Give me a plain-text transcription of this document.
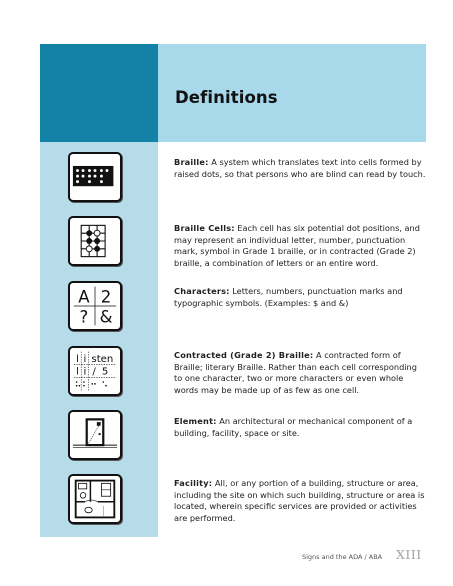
Definitions
A 2
? &
l i sten
l i / 5
Braille: A system which translates text into cells formed by raised dots, so that persons who are blind can read by touch.
Braille Cells: Each cell has six potential dot positions, and may represent an individual letter, number, punctuation mark, symbol in Grade 1 braille, or in contracted (Grade 2) braille, a combination of letters or an entire word.
Characters: Letters, numbers, punctuation marks and typographic symbols. (Examples: $ and &)
Contracted (Grade 2) Braille: A contracted form of Braille; literary Braille. Rather than each cell corresponding to one character, two or more characters or even whole words may be made up of as few as one cell.
Element: An architectural or mechanical component of a building, facility, space or site.
Facility: All, or any portion of a building, structure or area, including the site on which such building, structure or area is located, wherein specific services are provided or activities are performed.
Signs and the ADA / ABA XIII
